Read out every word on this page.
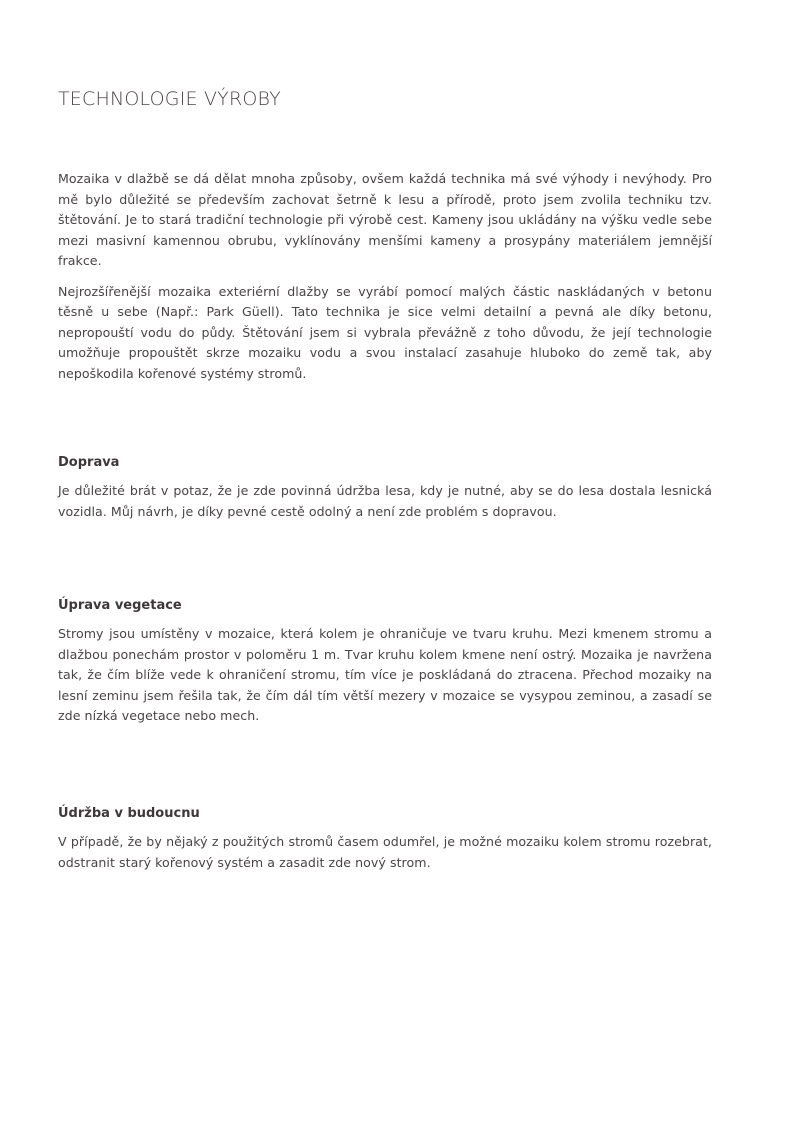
TECHNOLOGIE VÝROBY

Mozaika v dlažbě se dá dělat mnoha způsoby, ovšem každá technika má své výhody i nevýhody. Pro mě bylo důležité se především zachovat šetrně k lesu a přírodě, proto jsem zvolila techniku tzv. štětování. Je to stará tradiční technologie při výrobě cest. Kameny jsou ukládány na výšku vedle sebe mezi masivní kamennou obrubu, vyklínovány menšími kameny a prosypány materiálem jemnější frakce.

Nejrozšířenější mozaika exteriérní dlažby se vyrábí pomocí malých částic naskládaných v betonu těsně u sebe (Např.: Park Güell). Tato technika je sice velmi detailní a pevná ale díky betonu, nepropouští vodu do půdy. Štětování jsem si vybrala převážně z toho důvodu, že její technologie umožňuje propouštět skrze mozaiku vodu a svou instalací zasahuje hluboko do země tak, aby nepoškodila kořenové systémy stromů.

Doprava

Je důležité brát v potaz, že je zde povinná údržba lesa, kdy je nutné, aby se do lesa dostala lesnická vozidla. Můj návrh, je díky pevné cestě odolný a není zde problém s dopravou.

Úprava vegetace

Stromy jsou umístěny v mozaice, která kolem je ohraničuje ve tvaru kruhu. Mezi kmenem stromu a dlažbou ponechám prostor v poloměru 1 m. Tvar kruhu kolem kmene není ostrý. Mozaika je navržena tak, že čím blíže vede k ohraničení stromu, tím více je poskládaná do ztracena. Přechod mozaiky na lesní zeminu jsem řešila tak, že čím dál tím větší mezery v mozaice se vysypou zeminou, a zasadí se zde nízká vegetace nebo mech.

Údržba v budoucnu

V případě, že by nějaký z použitých stromů časem odumřel, je možné mozaiku kolem stromu rozebrat, odstranit starý kořenový systém a zasadit zde nový strom.
